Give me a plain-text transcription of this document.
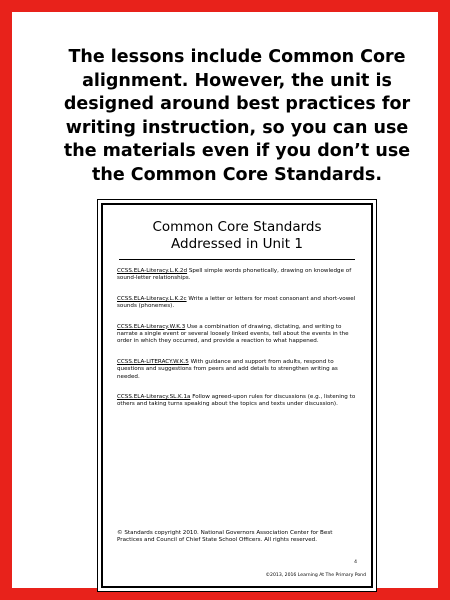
The lessons include Common Core
alignment. However, the unit is
designed around best practices for
writing instruction, so you can use
the materials even if you don’t use
the Common Core Standards.
Common Core Standards
Addressed in Unit 1

CCSS.ELA-Literacy.L.K.2d Spell simple words phonetically, drawing on knowledge of sound-letter relationships.

CCSS.ELA-Literacy.L.K.2c Write a letter or letters for most consonant and short-vowel sounds (phonemes).

CCSS.ELA-Literacy.W.K.3 Use a combination of drawing, dictating, and writing to narrate a single event or several loosely linked events, tell about the events in the order in which they occurred, and provide a reaction to what happened.

CCSS.ELA-LITERACY.W.K.5 With guidance and support from adults, respond to questions and suggestions from peers and add details to strengthen writing as needed.

CCSS.ELA-Literacy.SL.K.1a Follow agreed-upon rules for discussions (e.g., listening to others and taking turns speaking about the topics and texts under discussion).

© Standards copyright 2010. National Governors Association Center for Best Practices and Council of Chief State School Officers. All rights reserved.

4

©2013, 2016 Learning At The Primary Pond
